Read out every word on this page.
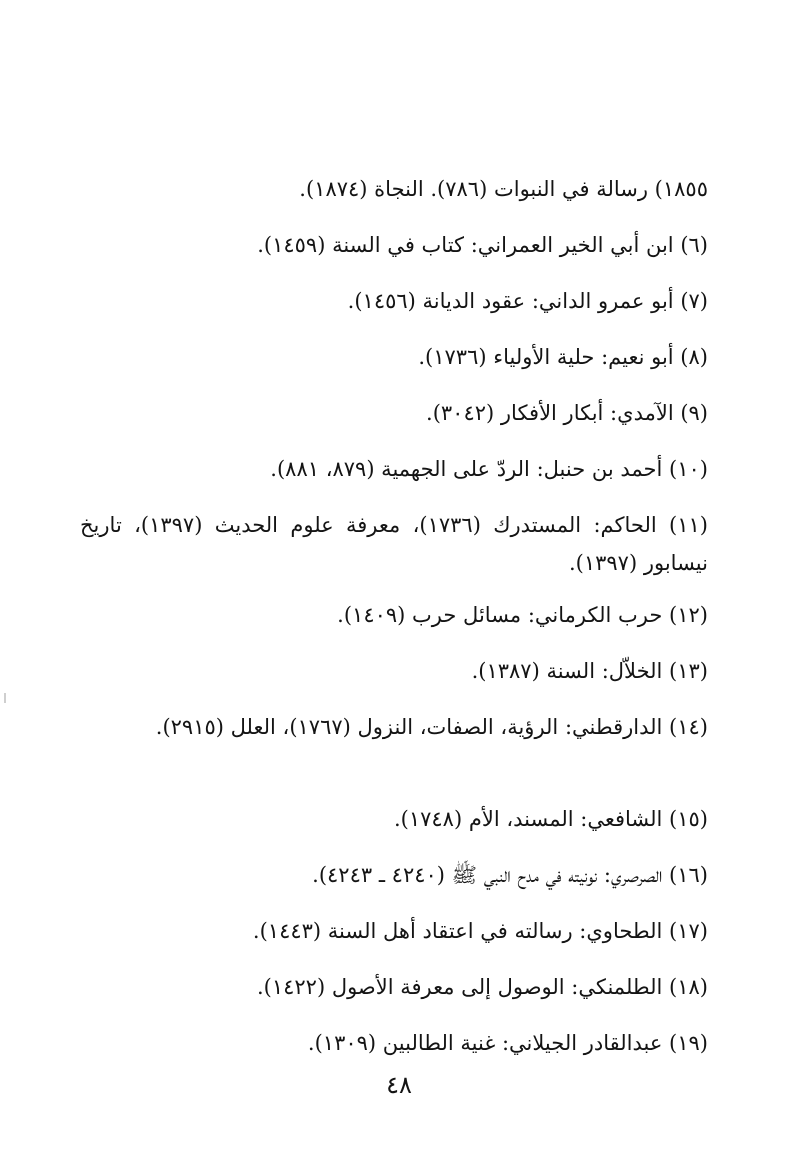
١٨٥٥) رسالة في النبوات (٧٨٦). النجاة (١٨٧٤).
(٦) ابن أبي الخير العمراني: كتاب في السنة (١٤٥٩).
(٧) أبو عمرو الداني: عقود الديانة (١٤٥٦).
(٨) أبو نعيم: حلية الأولياء (١٧٣٦).
(٩) الآمدي: أبكار الأفكار (٣٠٤٢).
(١٠) أحمد بن حنبل: الردّ على الجهمية (٨٧٩، ٨٨١).
(١١) الحاكم: المستدرك (١٧٣٦)، معرفة علوم الحديث (١٣٩٧)، تاريخ نيسابور (١٣٩٧).
(١٢) حرب الكرماني: مسائل حرب (١٤٠٩).
(١٣) الخلاّل: السنة (١٣٨٧).
(١٤) الدارقطني: الرؤية، الصفات، النزول (١٧٦٧)، العلل (٢٩١٥).
(١٥) الشافعي: المسند، الأم (١٧٤٨).
(١٦) الصرصري: نونيته في مدح النبي ﷺ (٤٢٤٠ ـ ٤٢٤٣).
(١٧) الطحاوي: رسالته في اعتقاد أهل السنة (١٤٤٣).
(١٨) الطلمنكي: الوصول إلى معرفة الأصول (١٤٢٢).
(١٩) عبدالقادر الجيلاني: غنية الطالبين (١٣٠٩).
٤٨
